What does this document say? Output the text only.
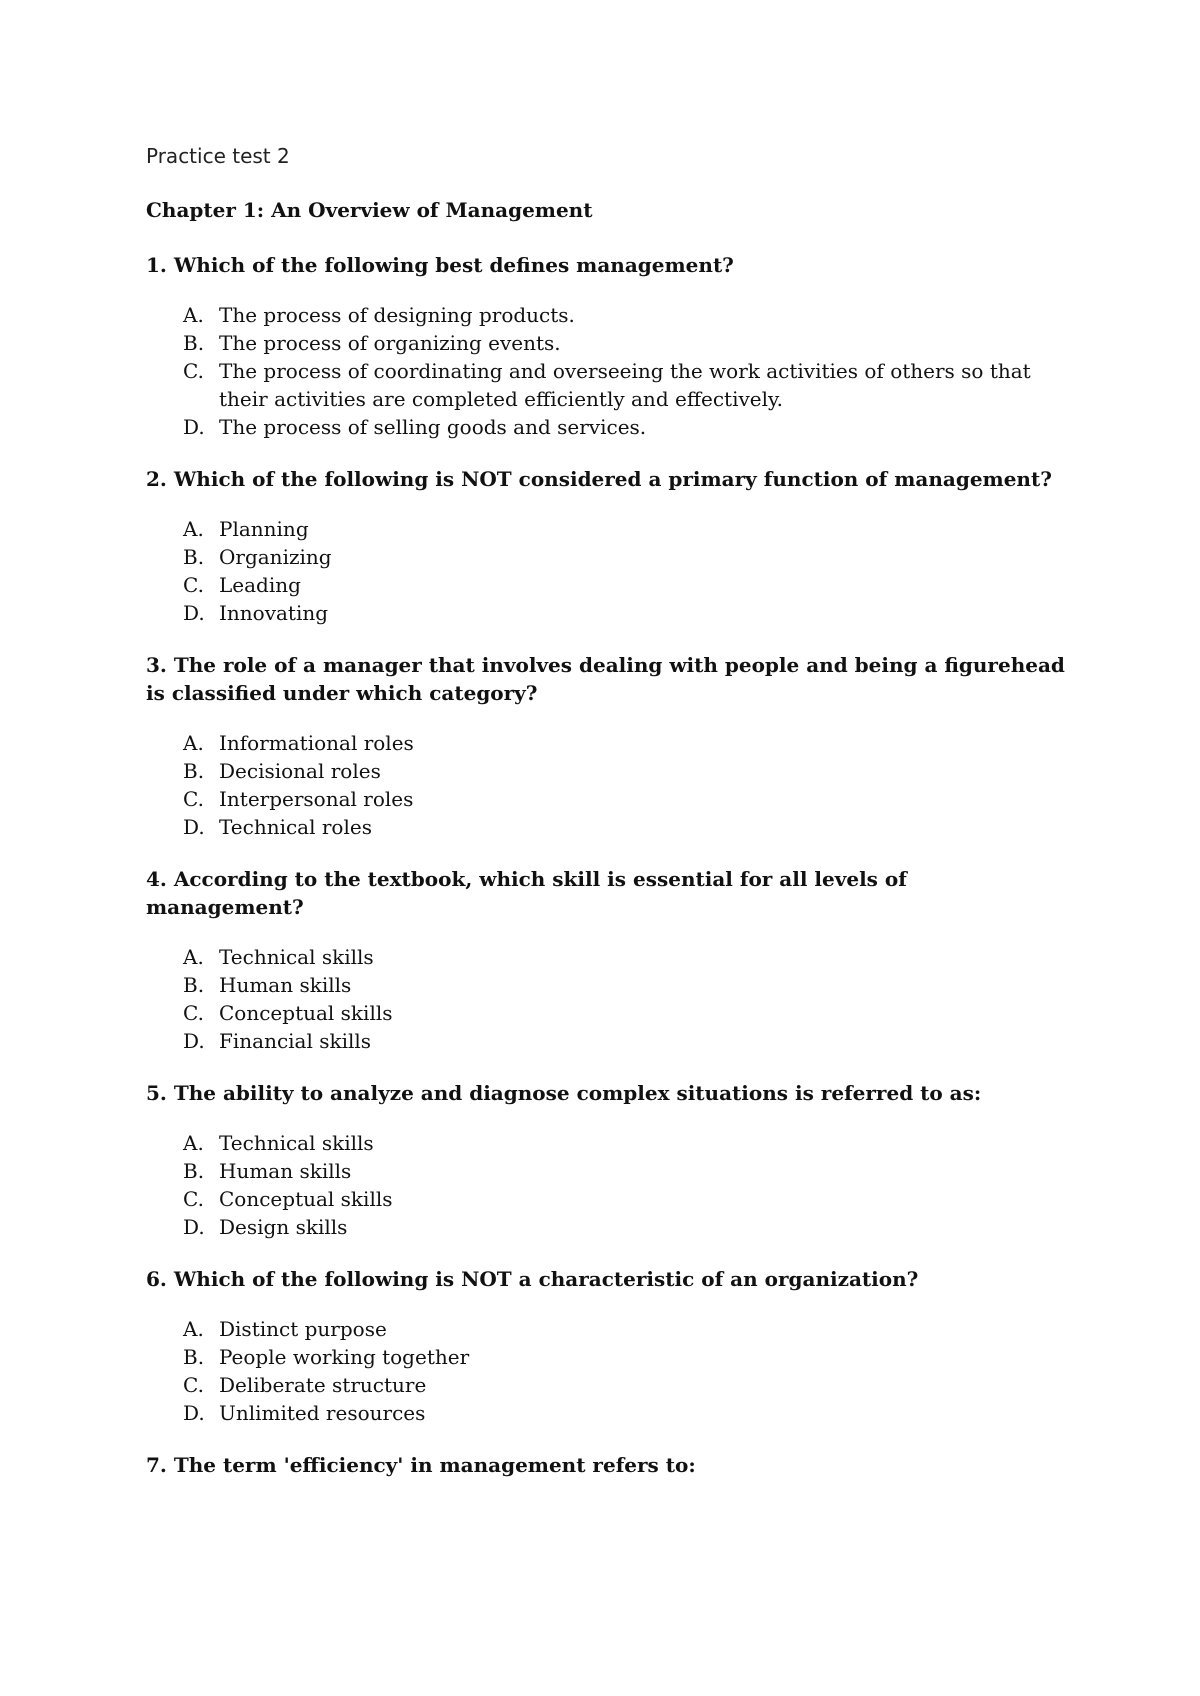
Practice test 2
Chapter 1: An Overview of Management
1. Which of the following best defines management?
A. The process of designing products.
B. The process of organizing events.
C. The process of coordinating and overseeing the work activities of others so that their activities are completed efficiently and effectively.
D. The process of selling goods and services.
2. Which of the following is NOT considered a primary function of management?
A. Planning
B. Organizing
C. Leading
D. Innovating
3. The role of a manager that involves dealing with people and being a figurehead is classified under which category?
A. Informational roles
B. Decisional roles
C. Interpersonal roles
D. Technical roles
4. According to the textbook, which skill is essential for all levels of management?
A. Technical skills
B. Human skills
C. Conceptual skills
D. Financial skills
5. The ability to analyze and diagnose complex situations is referred to as:
A. Technical skills
B. Human skills
C. Conceptual skills
D. Design skills
6. Which of the following is NOT a characteristic of an organization?
A. Distinct purpose
B. People working together
C. Deliberate structure
D. Unlimited resources
7. The term 'efficiency' in management refers to:
